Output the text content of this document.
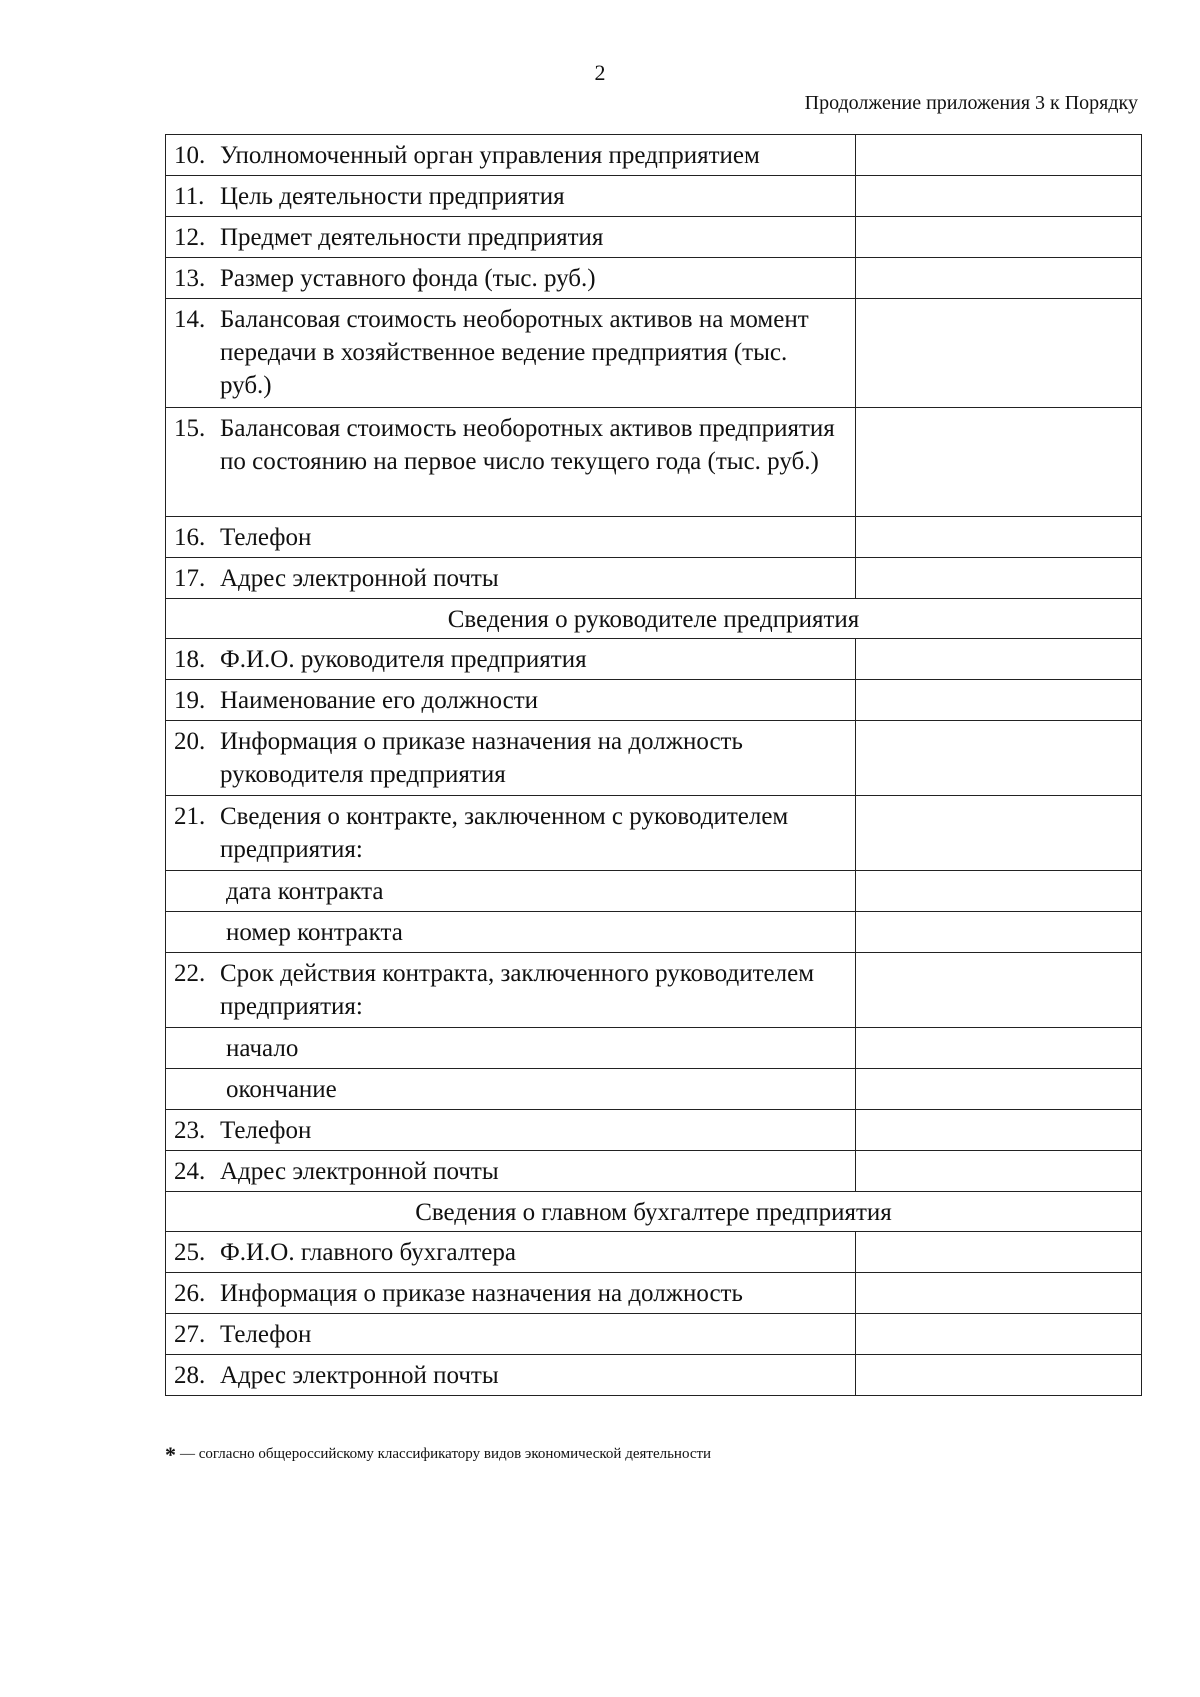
2
Продолжение приложения 3 к Порядку
10. Уполномоченный орган управления предприятием	
11. Цель деятельности предприятия	
12. Предмет деятельности предприятия	
13. Размер уставного фонда (тыс. руб.)	
14. Балансовая стоимость необоротных активов на момент передачи в хозяйственное ведение предприятия (тыс. руб.)	
15. Балансовая стоимость необоротных активов предприятия по состоянию на первое число текущего года (тыс. руб.)	
16. Телефон	
17. Адрес электронной почты	
Сведения о руководителе предприятия	
18. Ф.И.О. руководителя предприятия	
19. Наименование его должности	
20. Информация о приказе назначения на должность руководителя предприятия	
21. Сведения о контракте, заключенном с руководителем предприятия:	
дата контракта	
номер контракта	
22. Срок действия контракта, заключенного руководителем предприятия:	
начало	
окончание	
23. Телефон	
24. Адрес электронной почты	
Сведения о главном бухгалтере предприятия	
25. Ф.И.О. главного бухгалтера	
26. Информация о приказе назначения на должность	
27. Телефон	
28. Адрес электронной почты	
* — согласно общероссийскому классификатору видов экономической деятельности
